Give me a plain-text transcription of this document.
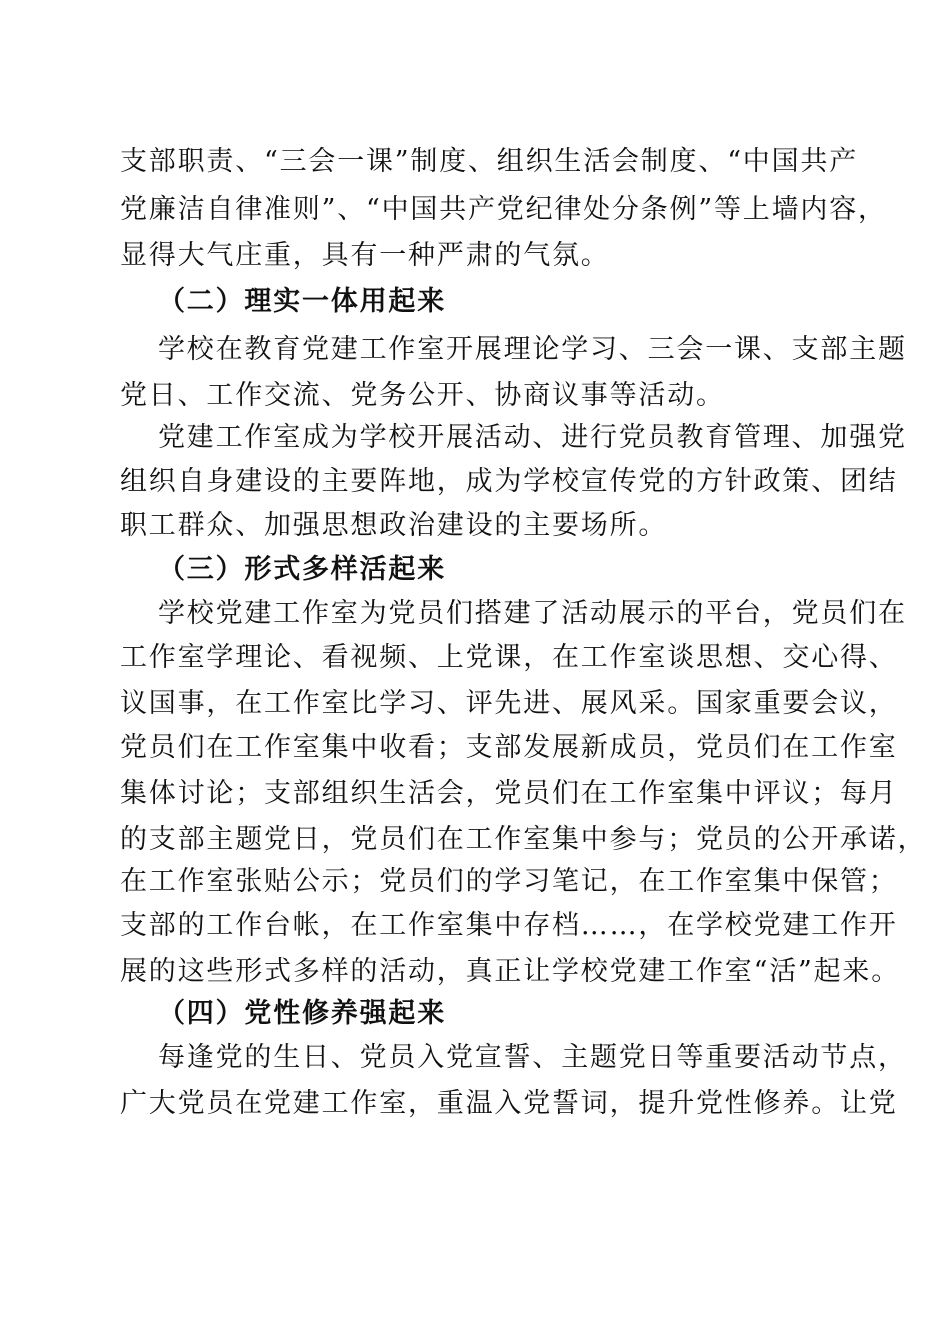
支部职责、“三会一课”制度、组织生活会制度、“中国共产
党廉洁自律准则”、“中国共产党纪律处分条例”等上墙内容，
显得大气庄重，具有一种严肃的气氛。
（二）理实一体用起来
学校在教育党建工作室开展理论学习、三会一课、支部主题
党日、工作交流、党务公开、协商议事等活动。
党建工作室成为学校开展活动、进行党员教育管理、加强党
组织自身建设的主要阵地，成为学校宣传党的方针政策、团结
职工群众、加强思想政治建设的主要场所。
（三）形式多样活起来
学校党建工作室为党员们搭建了活动展示的平台，党员们在
工作室学理论、看视频、上党课，在工作室谈思想、交心得、
议国事，在工作室比学习、评先进、展风采。国家重要会议，
党员们在工作室集中收看；支部发展新成员，党员们在工作室
集体讨论；支部组织生活会，党员们在工作室集中评议；每月
的支部主题党日，党员们在工作室集中参与；党员的公开承诺，
在工作室张贴公示；党员们的学习笔记，在工作室集中保管；
支部的工作台帐，在工作室集中存档……，在学校党建工作开
展的这些形式多样的活动，真正让学校党建工作室“活”起来。
（四）党性修养强起来
每逢党的生日、党员入党宣誓、主题党日等重要活动节点，
广大党员在党建工作室，重温入党誓词，提升党性修养。让党
